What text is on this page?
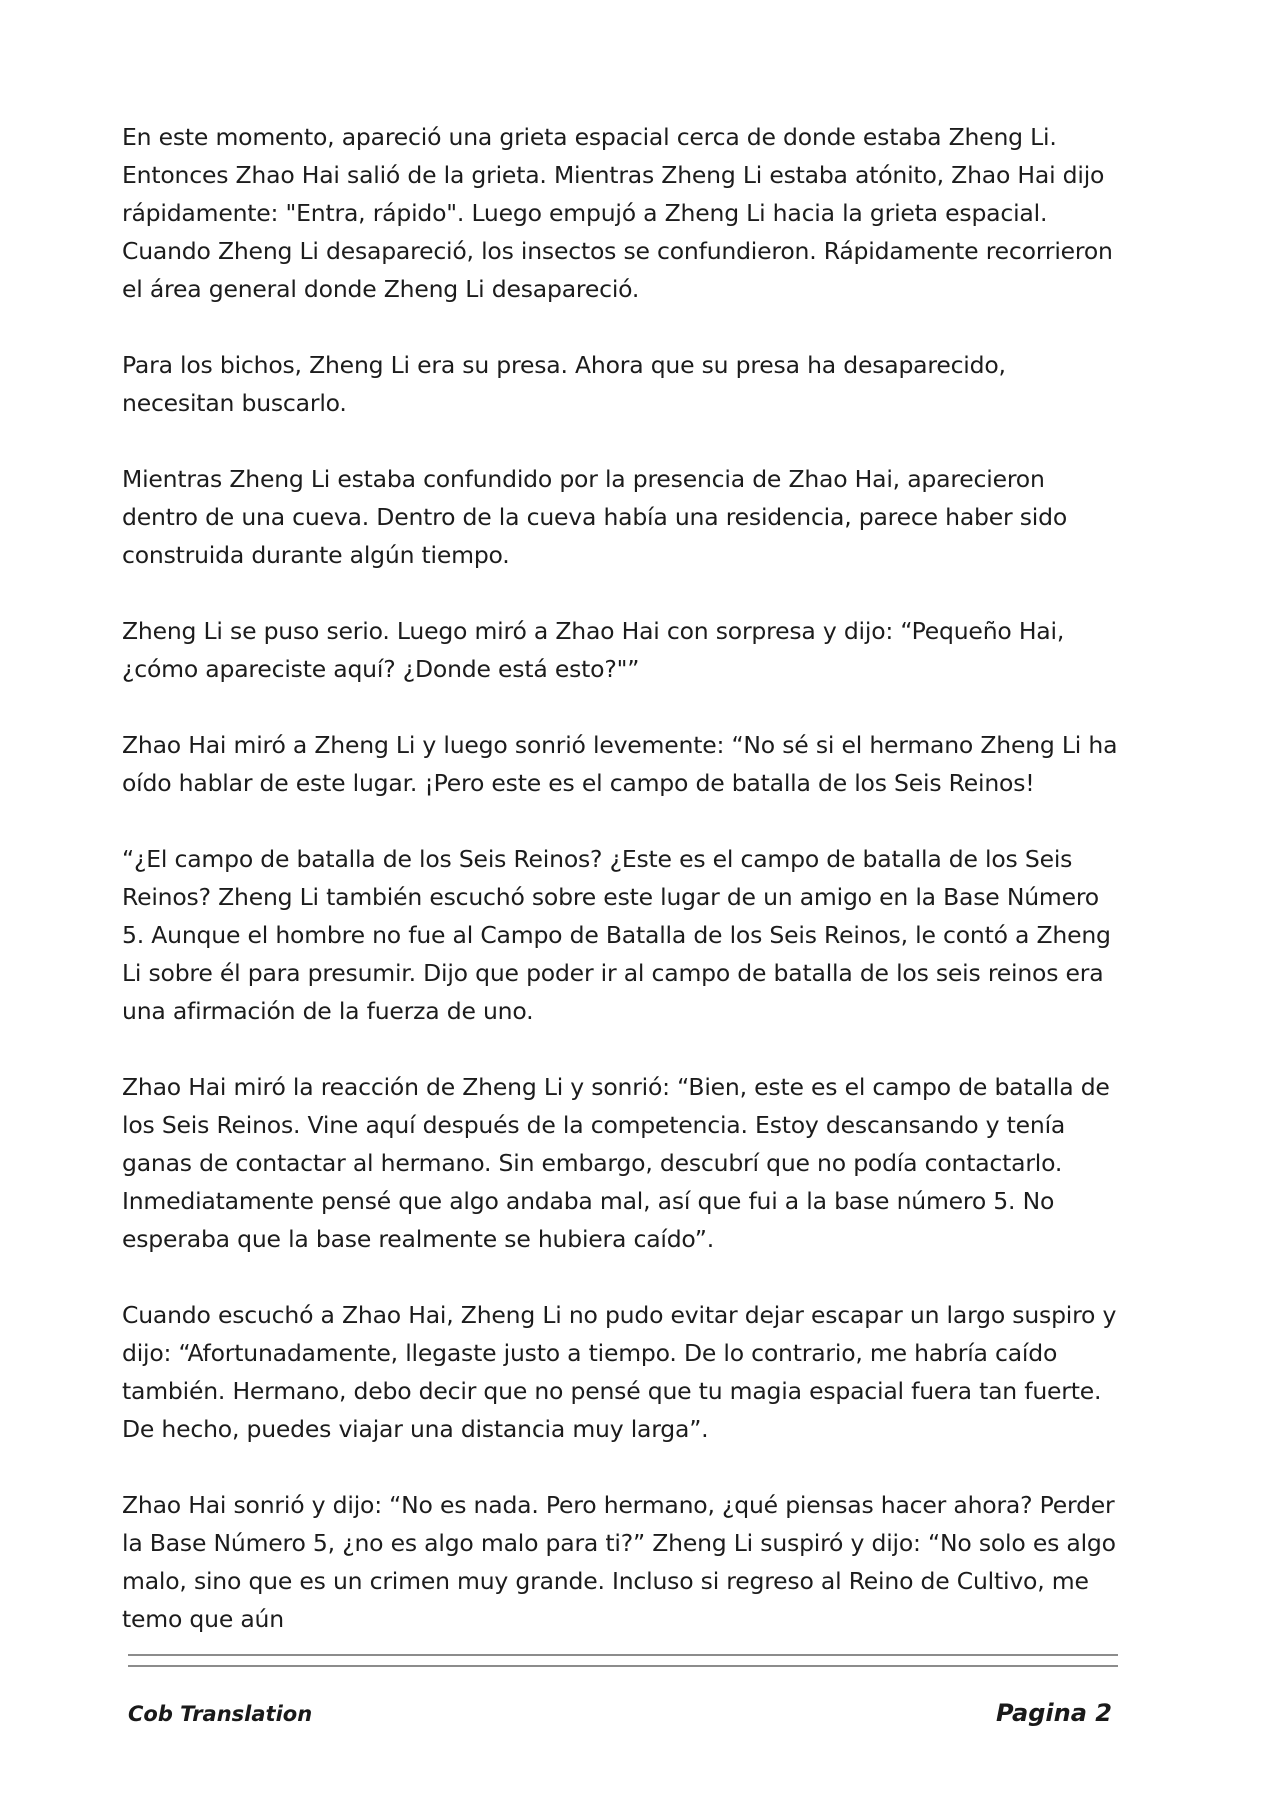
En este momento, apareció una grieta espacial cerca de donde estaba Zheng Li. Entonces Zhao Hai salió de la grieta. Mientras Zheng Li estaba atónito, Zhao Hai dijo rápidamente: "Entra, rápido". Luego empujó a Zheng Li hacia la grieta espacial. Cuando Zheng Li desapareció, los insectos se confundieron. Rápidamente recorrieron el área general donde Zheng Li desapareció.

Para los bichos, Zheng Li era su presa. Ahora que su presa ha desaparecido, necesitan buscarlo.

Mientras Zheng Li estaba confundido por la presencia de Zhao Hai, aparecieron dentro de una cueva. Dentro de la cueva había una residencia, parece haber sido construida durante algún tiempo.

Zheng Li se puso serio. Luego miró a Zhao Hai con sorpresa y dijo: “Pequeño Hai, ¿cómo apareciste aquí? ¿Donde está esto?"”

Zhao Hai miró a Zheng Li y luego sonrió levemente: “No sé si el hermano Zheng Li ha oído hablar de este lugar. ¡Pero este es el campo de batalla de los Seis Reinos!

“¿El campo de batalla de los Seis Reinos? ¿Este es el campo de batalla de los Seis Reinos? Zheng Li también escuchó sobre este lugar de un amigo en la Base Número 5. Aunque el hombre no fue al Campo de Batalla de los Seis Reinos, le contó a Zheng Li sobre él para presumir. Dijo que poder ir al campo de batalla de los seis reinos era una afirmación de la fuerza de uno.

Zhao Hai miró la reacción de Zheng Li y sonrió: “Bien, este es el campo de batalla de los Seis Reinos. Vine aquí después de la competencia. Estoy descansando y tenía ganas de contactar al hermano. Sin embargo, descubrí que no podía contactarlo. Inmediatamente pensé que algo andaba mal, así que fui a la base número 5. No esperaba que la base realmente se hubiera caído”.

Cuando escuchó a Zhao Hai, Zheng Li no pudo evitar dejar escapar un largo suspiro y dijo: “Afortunadamente, llegaste justo a tiempo. De lo contrario, me habría caído también. Hermano, debo decir que no pensé que tu magia espacial fuera tan fuerte. De hecho, puedes viajar una distancia muy larga”.

Zhao Hai sonrió y dijo: “No es nada. Pero hermano, ¿qué piensas hacer ahora? Perder la Base Número 5, ¿no es algo malo para ti?” Zheng Li suspiró y dijo: “No solo es algo malo, sino que es un crimen muy grande. Incluso si regreso al Reino de Cultivo, me temo que aún

Cob Translation	Pagina 2
